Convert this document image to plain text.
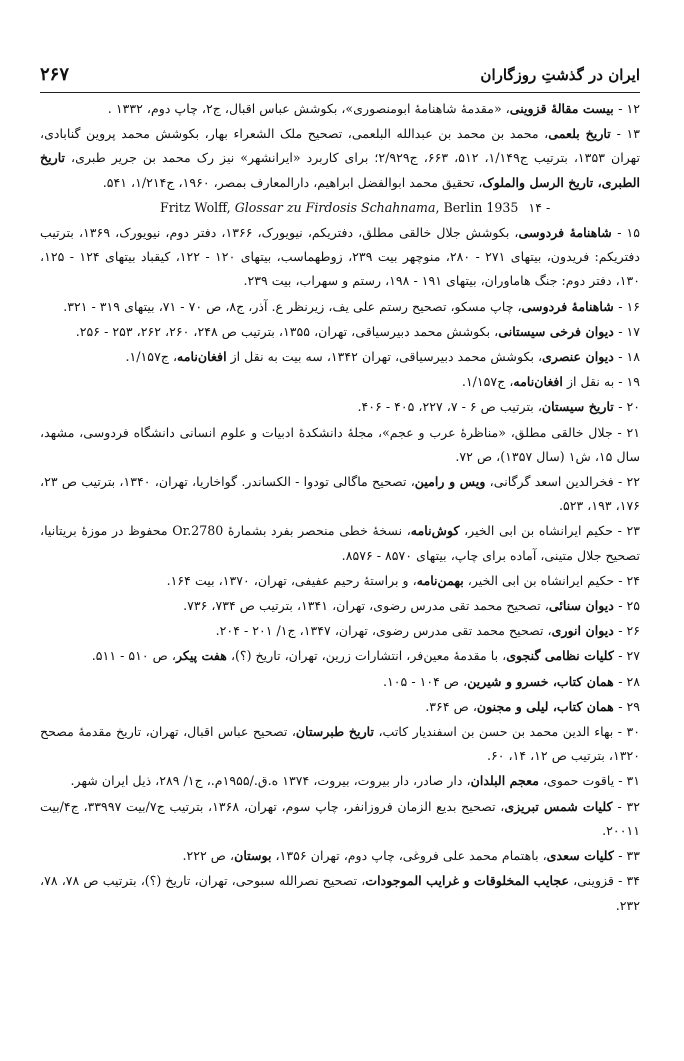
ایران در گذشتِ روزگاران
۲۶۷

۱۲ - بیست مقالهٔ قزوینی، «مقدمهٔ شاهنامهٔ ابومنصوری»، بکوشش عباس اقبال، ج۲، چاپ دوم، ۱۳۳۲ .

۱۳ - تاریخ بلعمی، محمد بن محمد بن عبدالله البلعمی، تصحیح ملک الشعراء بهار، بکوشش محمد پروین گنابادی، تهران ۱۳۵۳، بترتیب ج۱/۱۴۹، ۵۱۲، ۶۶۳، ج۲/۹۲۹؛ برای کاربرد «ایرانشهر» نیز رک محمد بن جریر طبری، تاریخ الطبری، تاریخ الرسل والملوک، تحقیق محمد ابوالفضل ابراهیم، دارالمعارف بمصر، ۱۹۶۰، ج۱/۲۱۴، ۵۴۱.

Fritz Wolff, Glossar zu Firdosis Schahnama, Berlin 1935 ۱۴ -

۱۵ - شاهنامهٔ فردوسی، بکوشش جلال خالقی مطلق، دفتریکم، نیویورک، ۱۳۶۶، دفتر دوم، نیویورک، ۱۳۶۹، بترتیب دفتریکم: فریدون، بیتهای ۲۷۱ - ۲۸۰، منوچهر بیت ۲۳۹، زوطهماسب، بیتهای ۱۲۰ - ۱۲۲، کیقباد بیتهای ۱۲۴ - ۱۲۵، ۱۳۰، دفتر دوم: جنگ هاماوران، بیتهای ۱۹۱ - ۱۹۸، رستم و سهراب، بیت ۲۳۹.

۱۶ - شاهنامهٔ فردوسی، چاپ مسکو، تصحیح رستم علی یف، زیرنظر ع. آذر، ج۸، ص ۷۰ - ۷۱، بیتهای ۳۱۹ - ۳۲۱.

۱۷ - دیوان فرخی سیستانی، بکوشش محمد دبیرسیاقی، تهران، ۱۳۵۵، بترتیب ص ۲۴۸، ۲۶۰، ۲۶۲، ۲۵۳ - ۲۵۶.

۱۸ - دیوان عنصری، بکوشش محمد دبیرسیاقی، تهران ۱۳۴۲، سه بیت به نقل از افغان‌نامه، ج۱/۱۵۷.

۱۹ - به نقل از افغان‌نامه، ج۱/۱۵۷.

۲۰ - تاریخ سیستان، بترتیب ص ۶ - ۷، ۲۲۷، ۴۰۵ - ۴۰۶.

۲۱ - جلال خالقی مطلق، «مناظرهٔ عرب و عجم»، مجلهٔ دانشکدهٔ ادبیات و علوم انسانی دانشگاه فردوسی، مشهد، سال ۱۵، ش۱ (سال ۱۳۵۷)، ص ۷۲.

۲۲ - فخرالدین اسعد گرگانی، ویس و رامین، تصحیح ماگالی تودوا - الکساندر. گواخاریا، تهران، ۱۳۴۰، بترتیب ص ۲۳، ۱۷۶، ۱۹۳، ۵۲۳.

۲۳ - حکیم ایرانشاه بن ابی الخیر، کوش‌نامه، نسخهٔ خطی منحصر بفرد بشمارهٔ Or.2780 محفوظ در موزهٔ بریتانیا، تصحیح جلال متینی، آماده برای چاپ، بیتهای ۸۵۷۰ - ۸۵۷۶.

۲۴ - حکیم ایرانشاه بن ابی الخیر، بهمن‌نامه، و براستهٔ رحیم عفیفی، تهران، ۱۳۷۰، بیت ۱۶۴.

۲۵ - دیوان سنائی، تصحیح محمد تقی مدرس رضوی، تهران، ۱۳۴۱، بترتیب ص ۷۳۴، ۷۳۶.

۲۶ - دیوان انوری، تصحیح محمد تقی مدرس رضوی، تهران، ۱۳۴۷، ج۱/ ۲۰۱ - ۲۰۴.

۲۷ - کلیات نظامی گنجوی، با مقدمهٔ معین‌فر، انتشارات زرین، تهران، تاریخ (؟)، هفت پیکر، ص ۵۱۰ - ۵۱۱.

۲۸ - همان کتاب، خسرو و شیرین، ص ۱۰۴ - ۱۰۵.

۲۹ - همان کتاب، لیلی و مجنون، ص ۳۶۴.

۳۰ - بهاء الدین محمد بن حسن بن اسفندیار کاتب، تاریخ طبرستان، تصحیح عباس اقبال، تهران، تاریخ مقدمهٔ مصحح ۱۳۲۰، بترتیب ص ۱۲، ۱۴، ۶۰.

۳۱ - یاقوت حموی، معجم البلدان، دار صادر، دار بیروت، بیروت، ۱۳۷۴ ه.ق./۱۹۵۵م.، ج۱/ ۲۸۹، ذیل ایران شهر.

۳۲ - کلیات شمس تبریزی، تصحیح بدیع الزمان فروزانفر، چاپ سوم، تهران، ۱۳۶۸، بترتیب ج۷/بیت ۳۳۹۹۷، ج۴/بیت ۲۰۰۱۱.

۳۳ - کلیات سعدی، باهتمام محمد علی فروغی، چاپ دوم، تهران ۱۳۵۶، بوستان، ص ۲۲۲.

۳۴ - قزوینی، عجایب المخلوقات و غرایب الموجودات، تصحیح نصرالله سبوحی، تهران، تاریخ (؟)، بترتیب ص ۷۸، ۷۸، ۲۳۲.
